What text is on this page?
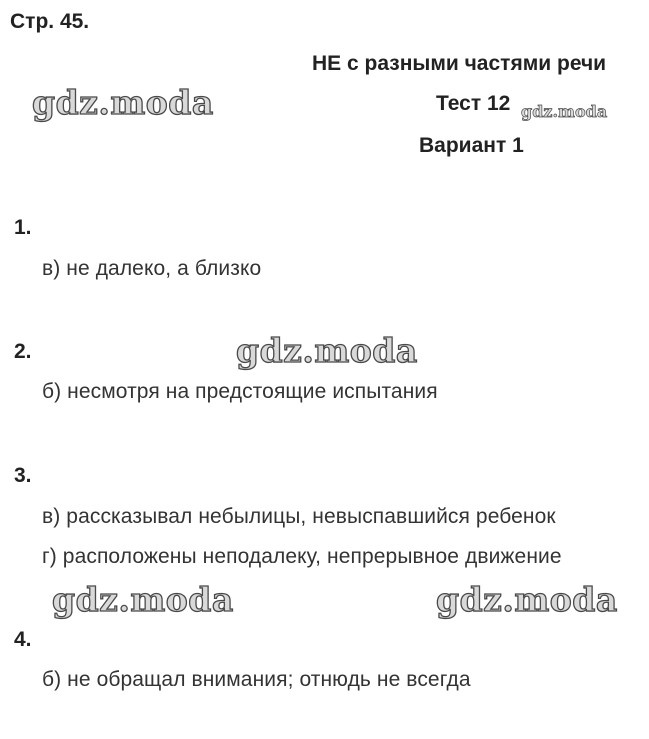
Стр. 45.
НЕ с разными частями речи
Тест 12 gdz.moda
Вариант 1
gdz.moda
gdz.moda
gdz.moda	gdz.moda
1.
в) не далеко, а близко
2.
б) несмотря на предстоящие испытания
3.
в) рассказывал небылицы, невыспавшийся ребенок
г) расположены неподалеку, непрерывное движение
4.
б) не обращал внимания; отнюдь не всегда
